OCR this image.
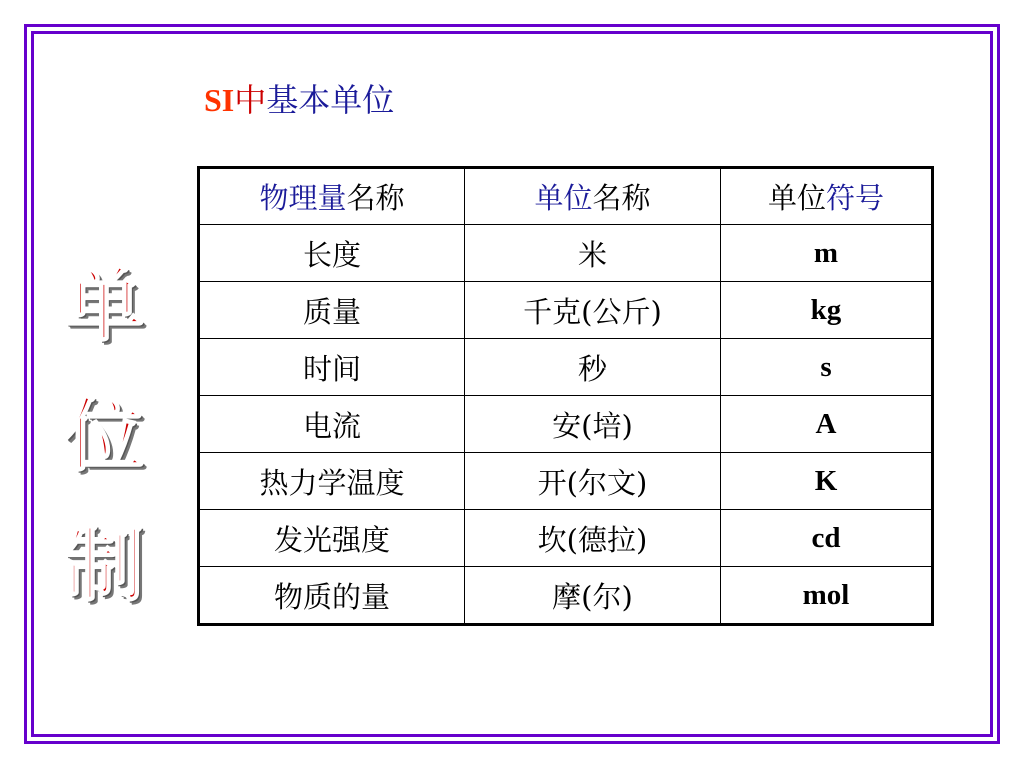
SI中基本单位
单
位
制
物理量名称	单位名称	单位符号
长度	米	m
质量	千克(公斤)	kg
时间	秒	s
电流	安(培)	A
热力学温度	开(尔文)	K
发光强度	坎(德拉)	cd
物质的量	摩(尔)	mol
